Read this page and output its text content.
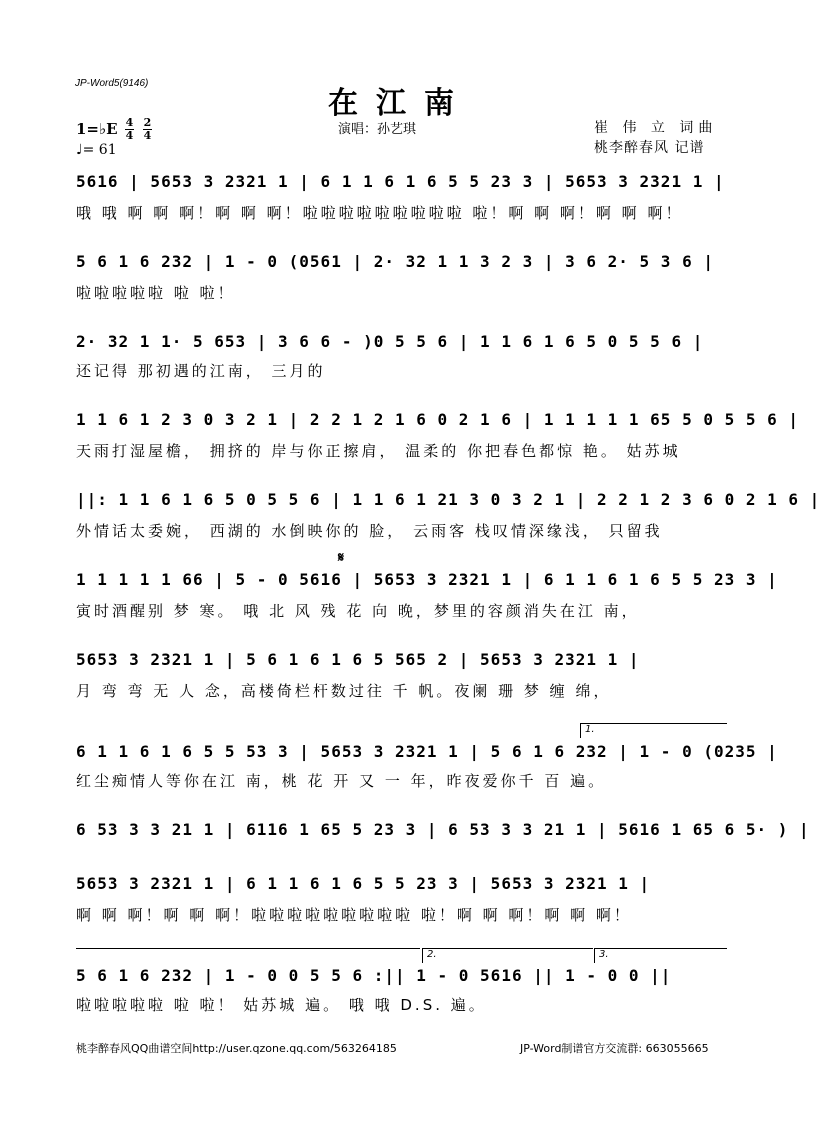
JP-Word5(9146)
在江南
演唱：孙艺琪	崔 伟 立 词曲
桃李醉春风 记谱
1=♭E 4
4
2
4
♩= 61
5616 | 5653 3 2321 1 | 6 1 1 6 1 6 5 5 23 3 | 5653 3 2321 1 |
哦 哦 啊 啊 啊！啊 啊 啊！啦啦啦啦啦啦啦啦啦 啦！啊 啊 啊！啊 啊 啊！
5 6 1 6 232 | 1 - 0 (0561 | 2· 32 1 1 3 2 3 | 3 6 2· 5 3 6 |
啦啦啦啦啦 啦 啦！
2· 32 1 1· 5 653 | 3 6 6 - )0 5 5 6 | 1 1 6 1 6 5 0 5 5 6 |
还记得 那初遇的江南， 三月的
1 1 6 1 2 3 0 3 2 1 | 2 2 1 2 1 6 0 2 1 6 | 1 1 1 1 1 65 5 0 5 5 6 |
天雨打湿屋檐， 拥挤的 岸与你正擦肩， 温柔的 你把春色都惊 艳。 姑苏城
||: 1 1 6 1 6 5 0 5 5 6 | 1 1 6 1 21 3 0 3 2 1 | 2 2 1 2 3 6 0 2 1 6 |
外情话太委婉， 西湖的 水倒映你的 脸， 云雨客 栈叹情深缘浅， 只留我
𝄋
1 1 1 1 1 66 | 5 - 0 5616 | 5653 3 2321 1 | 6 1 1 6 1 6 5 5 23 3 |
寅时酒醒别 梦 寒。 哦 北 风 残 花 向 晚，梦里的容颜消失在江 南，
5653 3 2321 1 | 5 6 1 6 1 6 5 565 2 | 5653 3 2321 1 |
月 弯 弯 无 人 念，高楼倚栏杆数过往 千 帆。夜阑 珊 梦 缠 绵，
1.
6 1 1 6 1 6 5 5 53 3 | 5653 3 2321 1 | 5 6 1 6 232 | 1 - 0 (0235 |
红尘痴情人等你在江 南，桃 花 开 又 一 年，昨夜爱你千 百 遍。
6 53 3 3 21 1 | 6116 1 65 5 23 3 | 6 53 3 3 21 1 | 5616 1 65 6 5· ) |
5653 3 2321 1 | 6 1 1 6 1 6 5 5 23 3 | 5653 3 2321 1 |
啊 啊 啊！啊 啊 啊！啦啦啦啦啦啦啦啦啦 啦！啊 啊 啊！啊 啊 啊！
2.	3.
5 6 1 6 232 | 1 - 0 0 5 5 6 :|| 1 - 0 5616 || 1 - 0 0 ||
啦啦啦啦啦 啦 啦！ 姑苏城 遍。 哦 哦 D.S. 遍。
桃李醉春风QQ曲谱空间http://user.qzone.qq.com/563264185	JP-Word制谱官方交流群: 663055665
